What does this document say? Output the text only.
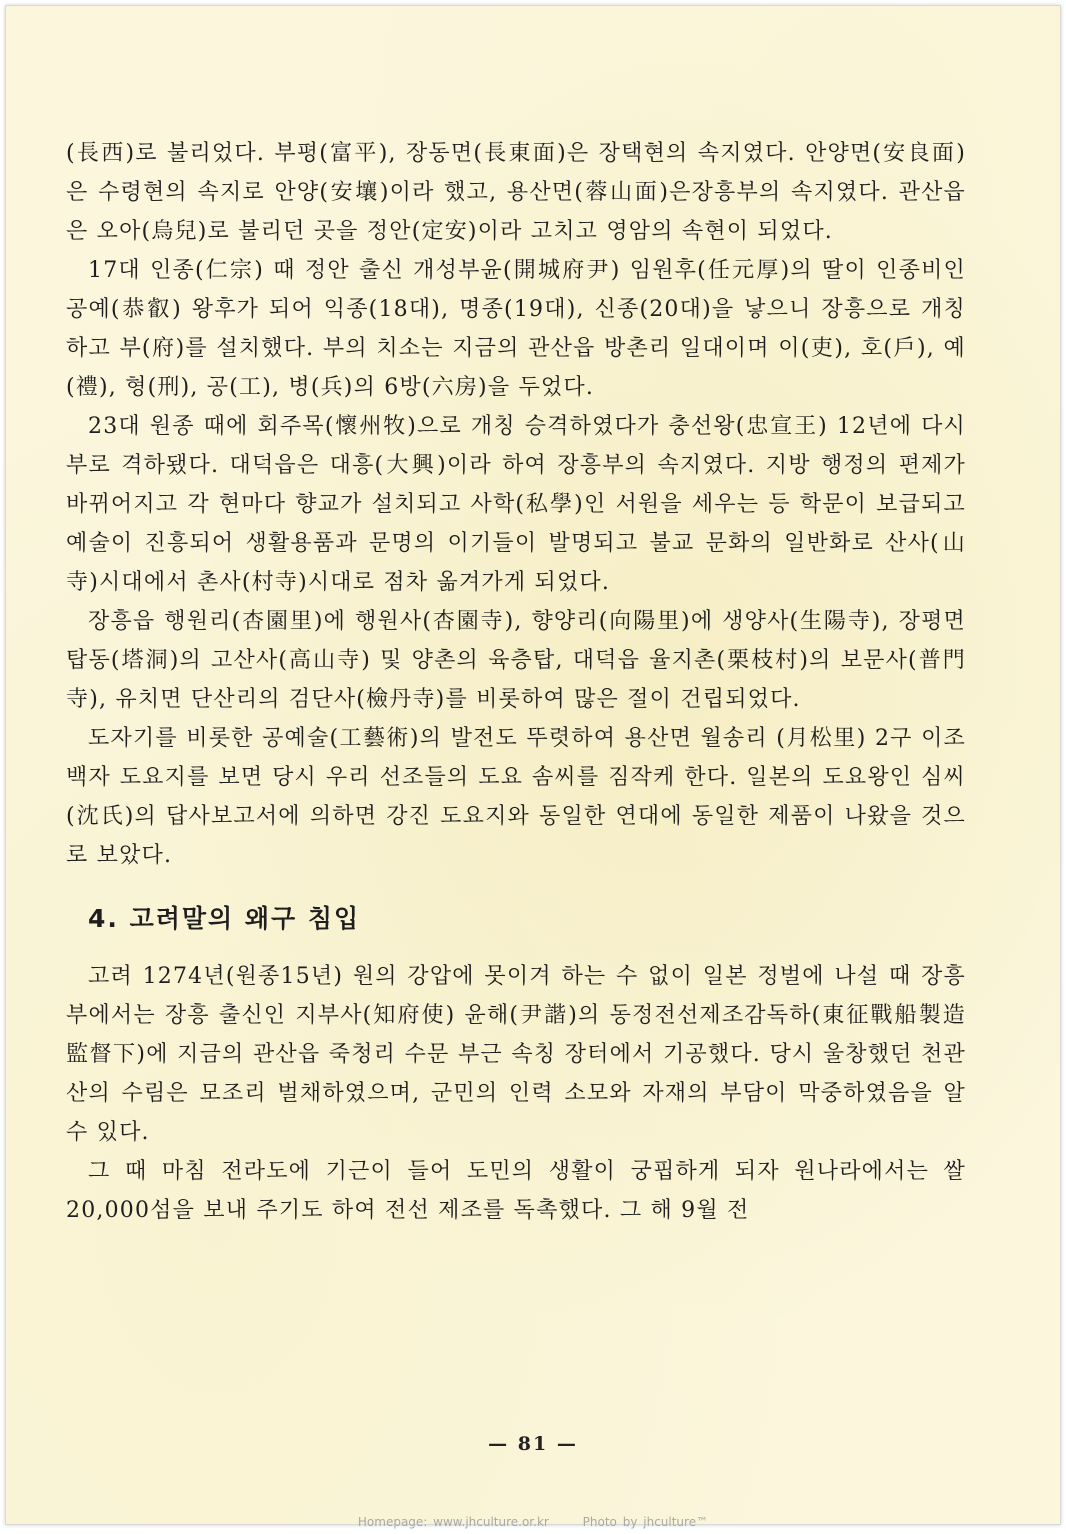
(長西)로 불리었다. 부평(富平), 장동면(長東面)은 장택현의 속지였다. 안양면(安良面)은 수령현의 속지로 안양(安壤)이라 했고, 용산면(蓉山面)은장흥부의 속지였다. 관산읍은 오아(烏兒)로 불리던 곳을 정안(定安)이라 고치고 영암의 속현이 되었다.

17대 인종(仁宗) 때 정안 출신 개성부윤(開城府尹) 임원후(任元厚)의 딸이 인종비인 공예(恭叡) 왕후가 되어 익종(18대), 명종(19대), 신종(20대)을 낳으니 장흥으로 개칭하고 부(府)를 설치했다. 부의 치소는 지금의 관산읍 방촌리 일대이며 이(吏), 호(戶), 예(禮), 형(刑), 공(工), 병(兵)의 6방(六房)을 두었다.

23대 원종 때에 회주목(懷州牧)으로 개칭 승격하였다가 충선왕(忠宣王) 12년에 다시 부로 격하됐다. 대덕읍은 대흥(大興)이라 하여 장흥부의 속지였다. 지방 행정의 편제가 바뀌어지고 각 현마다 향교가 설치되고 사학(私學)인 서원을 세우는 등 학문이 보급되고 예술이 진흥되어 생활용품과 문명의 이기들이 발명되고 불교 문화의 일반화로 산사(山寺)시대에서 촌사(村寺)시대로 점차 옮겨가게 되었다.

장흥읍 행원리(杏園里)에 행원사(杏園寺), 향양리(向陽里)에 생양사(生陽寺), 장평면 탑동(塔洞)의 고산사(高山寺) 및 양촌의 육층탑, 대덕읍 율지촌(栗枝村)의 보문사(普門寺), 유치면 단산리의 검단사(檢丹寺)를 비롯하여 많은 절이 건립되었다.

도자기를 비롯한 공예술(工藝術)의 발전도 뚜렷하여 용산면 월송리 (月松里) 2구 이조백자 도요지를 보면 당시 우리 선조들의 도요 솜씨를 짐작케 한다. 일본의 도요왕인 심씨(沈氏)의 답사보고서에 의하면 강진 도요지와 동일한 연대에 동일한 제품이 나왔을 것으로 보았다.

4. 고려말의 왜구 침입

고려 1274년(원종15년) 원의 강압에 못이겨 하는 수 없이 일본 정벌에 나설 때 장흥부에서는 장흥 출신인 지부사(知府使) 윤해(尹諧)의 동정전선제조감독하(東征戰船製造監督下)에 지금의 관산읍 죽청리 수문 부근 속칭 장터에서 기공했다. 당시 울창했던 천관산의 수림은 모조리 벌채하였으며, 군민의 인력 소모와 자재의 부담이 막중하였음을 알 수 있다.

그 때 마침 전라도에 기근이 들어 도민의 생활이 궁핍하게 되자 원나라에서는 쌀 20,000섬을 보내 주기도 하여 전선 제조를 독촉했다. 그 해 9월 전

— 81 —
Homepage: www.jhculture.or.kr	Photo by jhculture™
